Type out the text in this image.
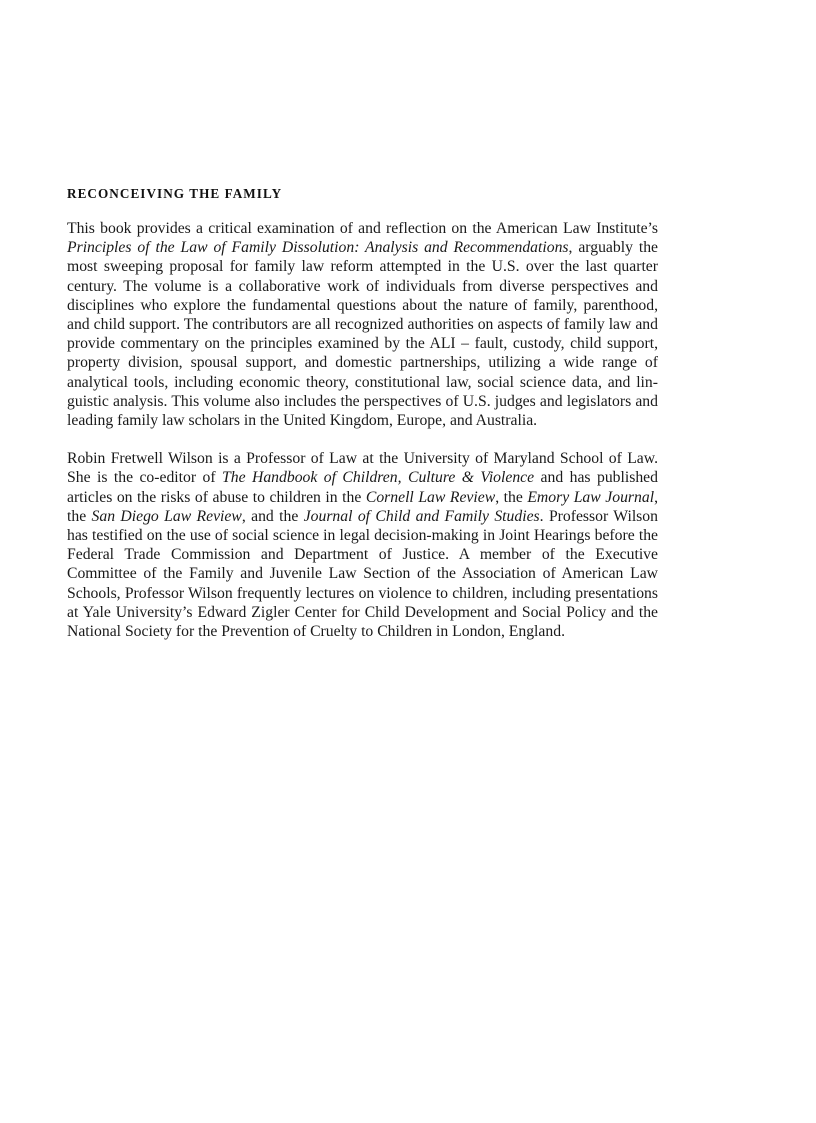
RECONCEIVING THE FAMILY

This book provides a critical examination of and reflection on the American Law Institute’s Principles of the Law of Family Dissolution: Analysis and Recommendations, arguably the most sweeping proposal for family law reform attempted in the U.S. over the last quarter century. The volume is a collaborative work of individuals from diverse perspectives and disciplines who explore the fundamental questions about the nature of family, parenthood, and child support. The contributors are all recognized authorities on aspects of family law and provide commentary on the principles examined by the ALI – fault, custody, child support, property division, spousal support, and domestic partnerships, utilizing a wide range of analytical tools, including economic theory, constitutional law, social science data, and linguistic analysis. This volume also includes the perspectives of U.S. judges and legislators and leading family law scholars in the United Kingdom, Europe, and Australia.

Robin Fretwell Wilson is a Professor of Law at the University of Maryland School of Law. She is the co-editor of The Handbook of Children, Culture & Violence and has published articles on the risks of abuse to children in the Cornell Law Review, the Emory Law Journal, the San Diego Law Review, and the Journal of Child and Family Studies. Professor Wilson has testified on the use of social science in legal decision-making in Joint Hearings before the Federal Trade Commission and Department of Justice. A member of the Executive Committee of the Family and Juvenile Law Section of the Association of American Law Schools, Professor Wilson frequently lectures on violence to children, including presentations at Yale University’s Edward Zigler Center for Child Development and Social Policy and the National Society for the Prevention of Cruelty to Children in London, England.
